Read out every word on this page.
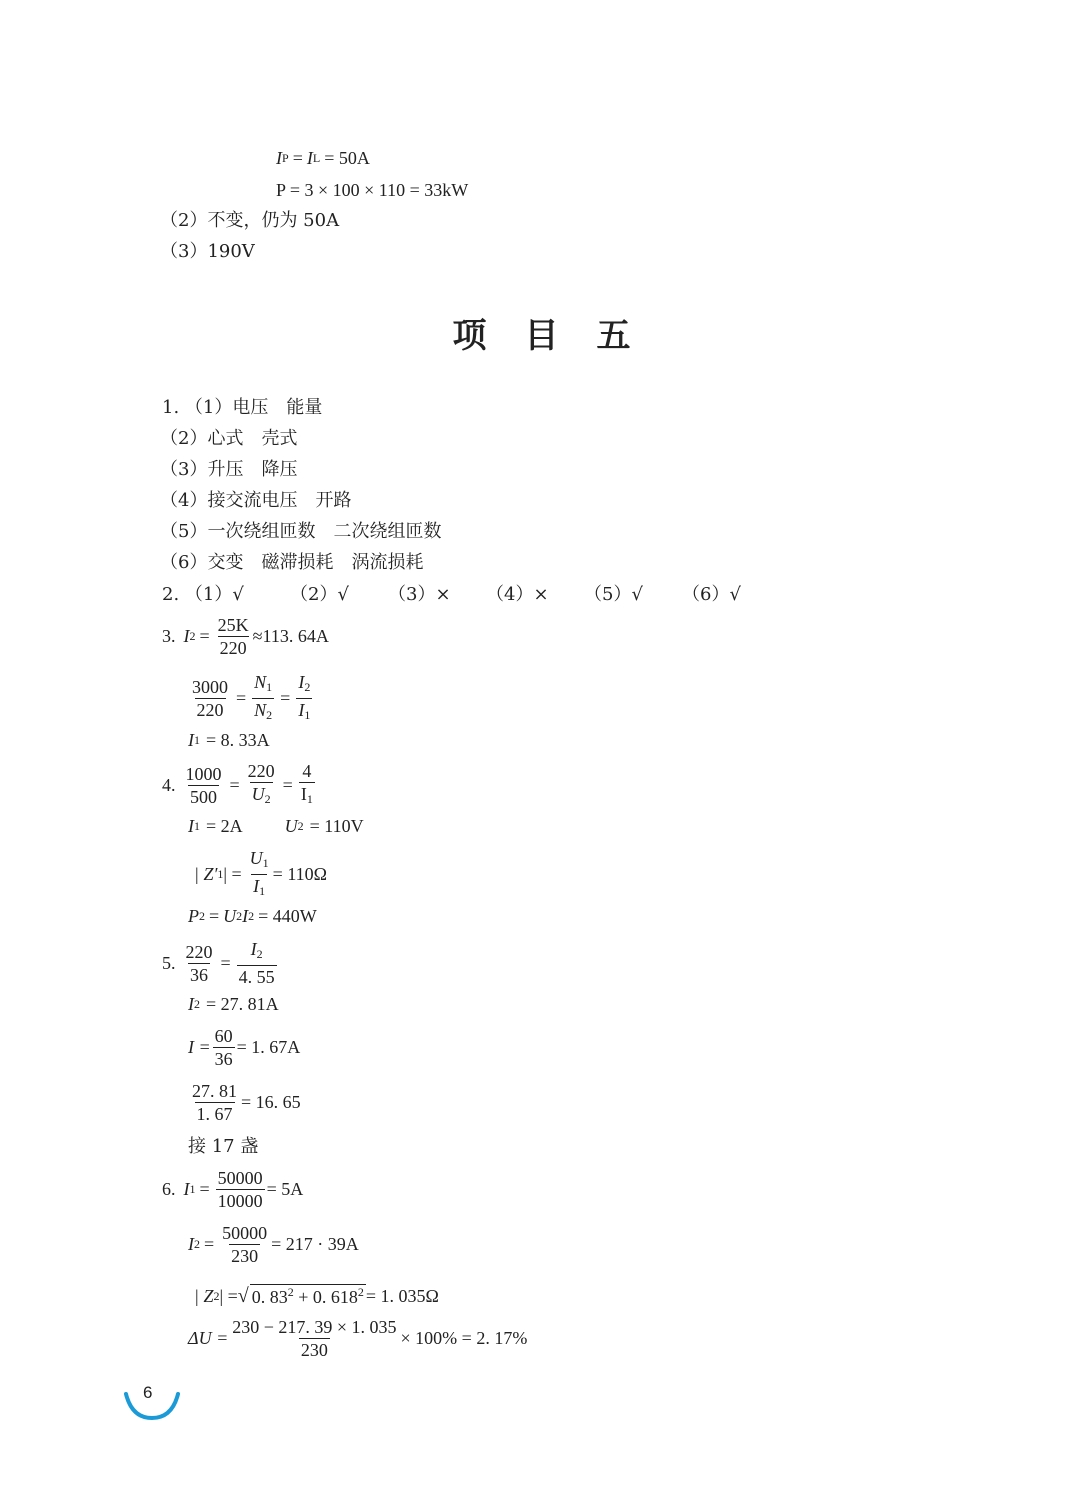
I P = I L = 50A
P = 3 × 100 × 110 = 33kW
（2）不变，仍为 50A
（3）190V
项目五
1. （1）电压　能量
（2）心式　壳式
（3）升压　降压
（4）接交流电压　开路
（5）一次绕组匝数　二次绕组匝数
（6）交变　磁滞损耗　涡流损耗
2. （1）√	（2）√ （3）× （4）× （5）√ （6）√
3. I $2 = \frac{25K}{220} \approx 113$. 64A
$\frac{3000}{220} = \frac{N_1}{N_2} = \frac{I_2}{I_1}$
I 1 = 8. 33A
4. $\frac{1000}{500} = \frac{220}{U_2} = \frac{4}{I_1}$
I 1 = 2A U 2 = 110V
| Z′ 1 | = $\frac{U_1}{I_1} = 110\Omega$
P 2 = U 2 I 2 = 440W
5. $\frac{220}{36} = \frac{I_2}{4. 55}$
I 2 = 27. 81A
$I = \frac{60}{36} = 1$. 67A
$\frac{27. 81}{1. 67} = 16$. 65
接 17 盏
6. I $1 = \frac{50000}{10000} = 5A$
I $2 = \frac{50000}{230} = 217 \cdot 39A$
| Z 2 | = √ 0. $83^2 + 0$. $618^2 = 1$. 035Ω
$\Delta U = \frac{230 - 217. 39 \times 1. 035}{230} \times 100\% = 2$. 17%
6
